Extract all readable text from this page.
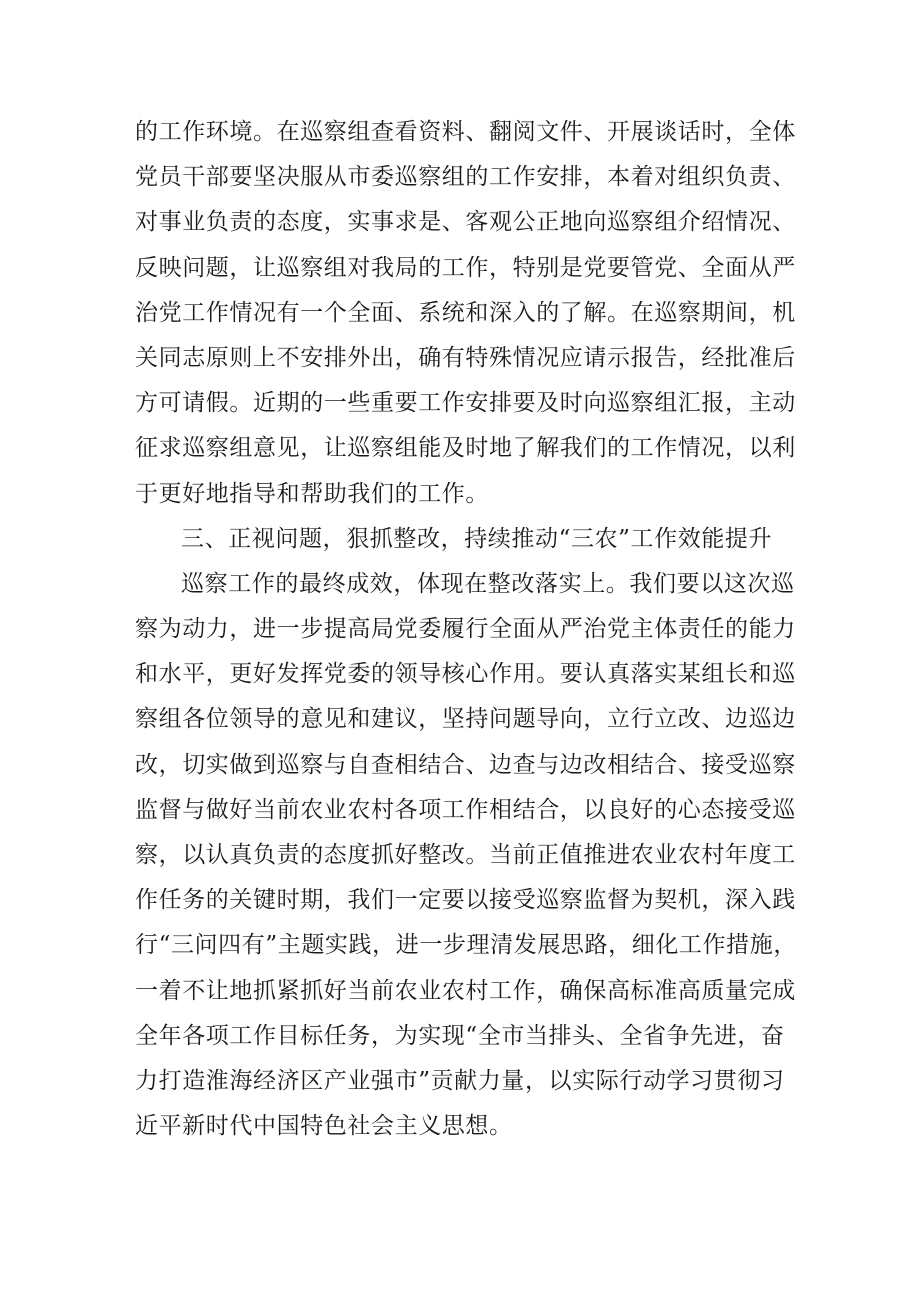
的工作环境。在巡察组查看资料、翻阅文件、开展谈话时，全体
党员干部要坚决服从市委巡察组的工作安排，本着对组织负责、
对事业负责的态度，实事求是、客观公正地向巡察组介绍情况、
反映问题，让巡察组对我局的工作，特别是党要管党、全面从严
治党工作情况有一个全面、系统和深入的了解。在巡察期间，机
关同志原则上不安排外出，确有特殊情况应请示报告，经批准后
方可请假。近期的一些重要工作安排要及时向巡察组汇报，主动
征求巡察组意见，让巡察组能及时地了解我们的工作情况，以利
于更好地指导和帮助我们的工作。
三、正视问题，狠抓整改，持续推动“三农”工作效能提升
巡察工作的最终成效，体现在整改落实上。我们要以这次巡
察为动力，进一步提高局党委履行全面从严治党主体责任的能力
和水平，更好发挥党委的领导核心作用。要认真落实某组长和巡
察组各位领导的意见和建议，坚持问题导向，立行立改、边巡边
改，切实做到巡察与自查相结合、边查与边改相结合、接受巡察
监督与做好当前农业农村各项工作相结合，以良好的心态接受巡
察，以认真负责的态度抓好整改。当前正值推进农业农村年度工
作任务的关键时期，我们一定要以接受巡察监督为契机，深入践
行“三问四有”主题实践，进一步理清发展思路，细化工作措施，
一着不让地抓紧抓好当前农业农村工作，确保高标准高质量完成
全年各项工作目标任务，为实现“全市当排头、全省争先进，奋
力打造淮海经济区产业强市”贡献力量，以实际行动学习贯彻习
近平新时代中国特色社会主义思想。
